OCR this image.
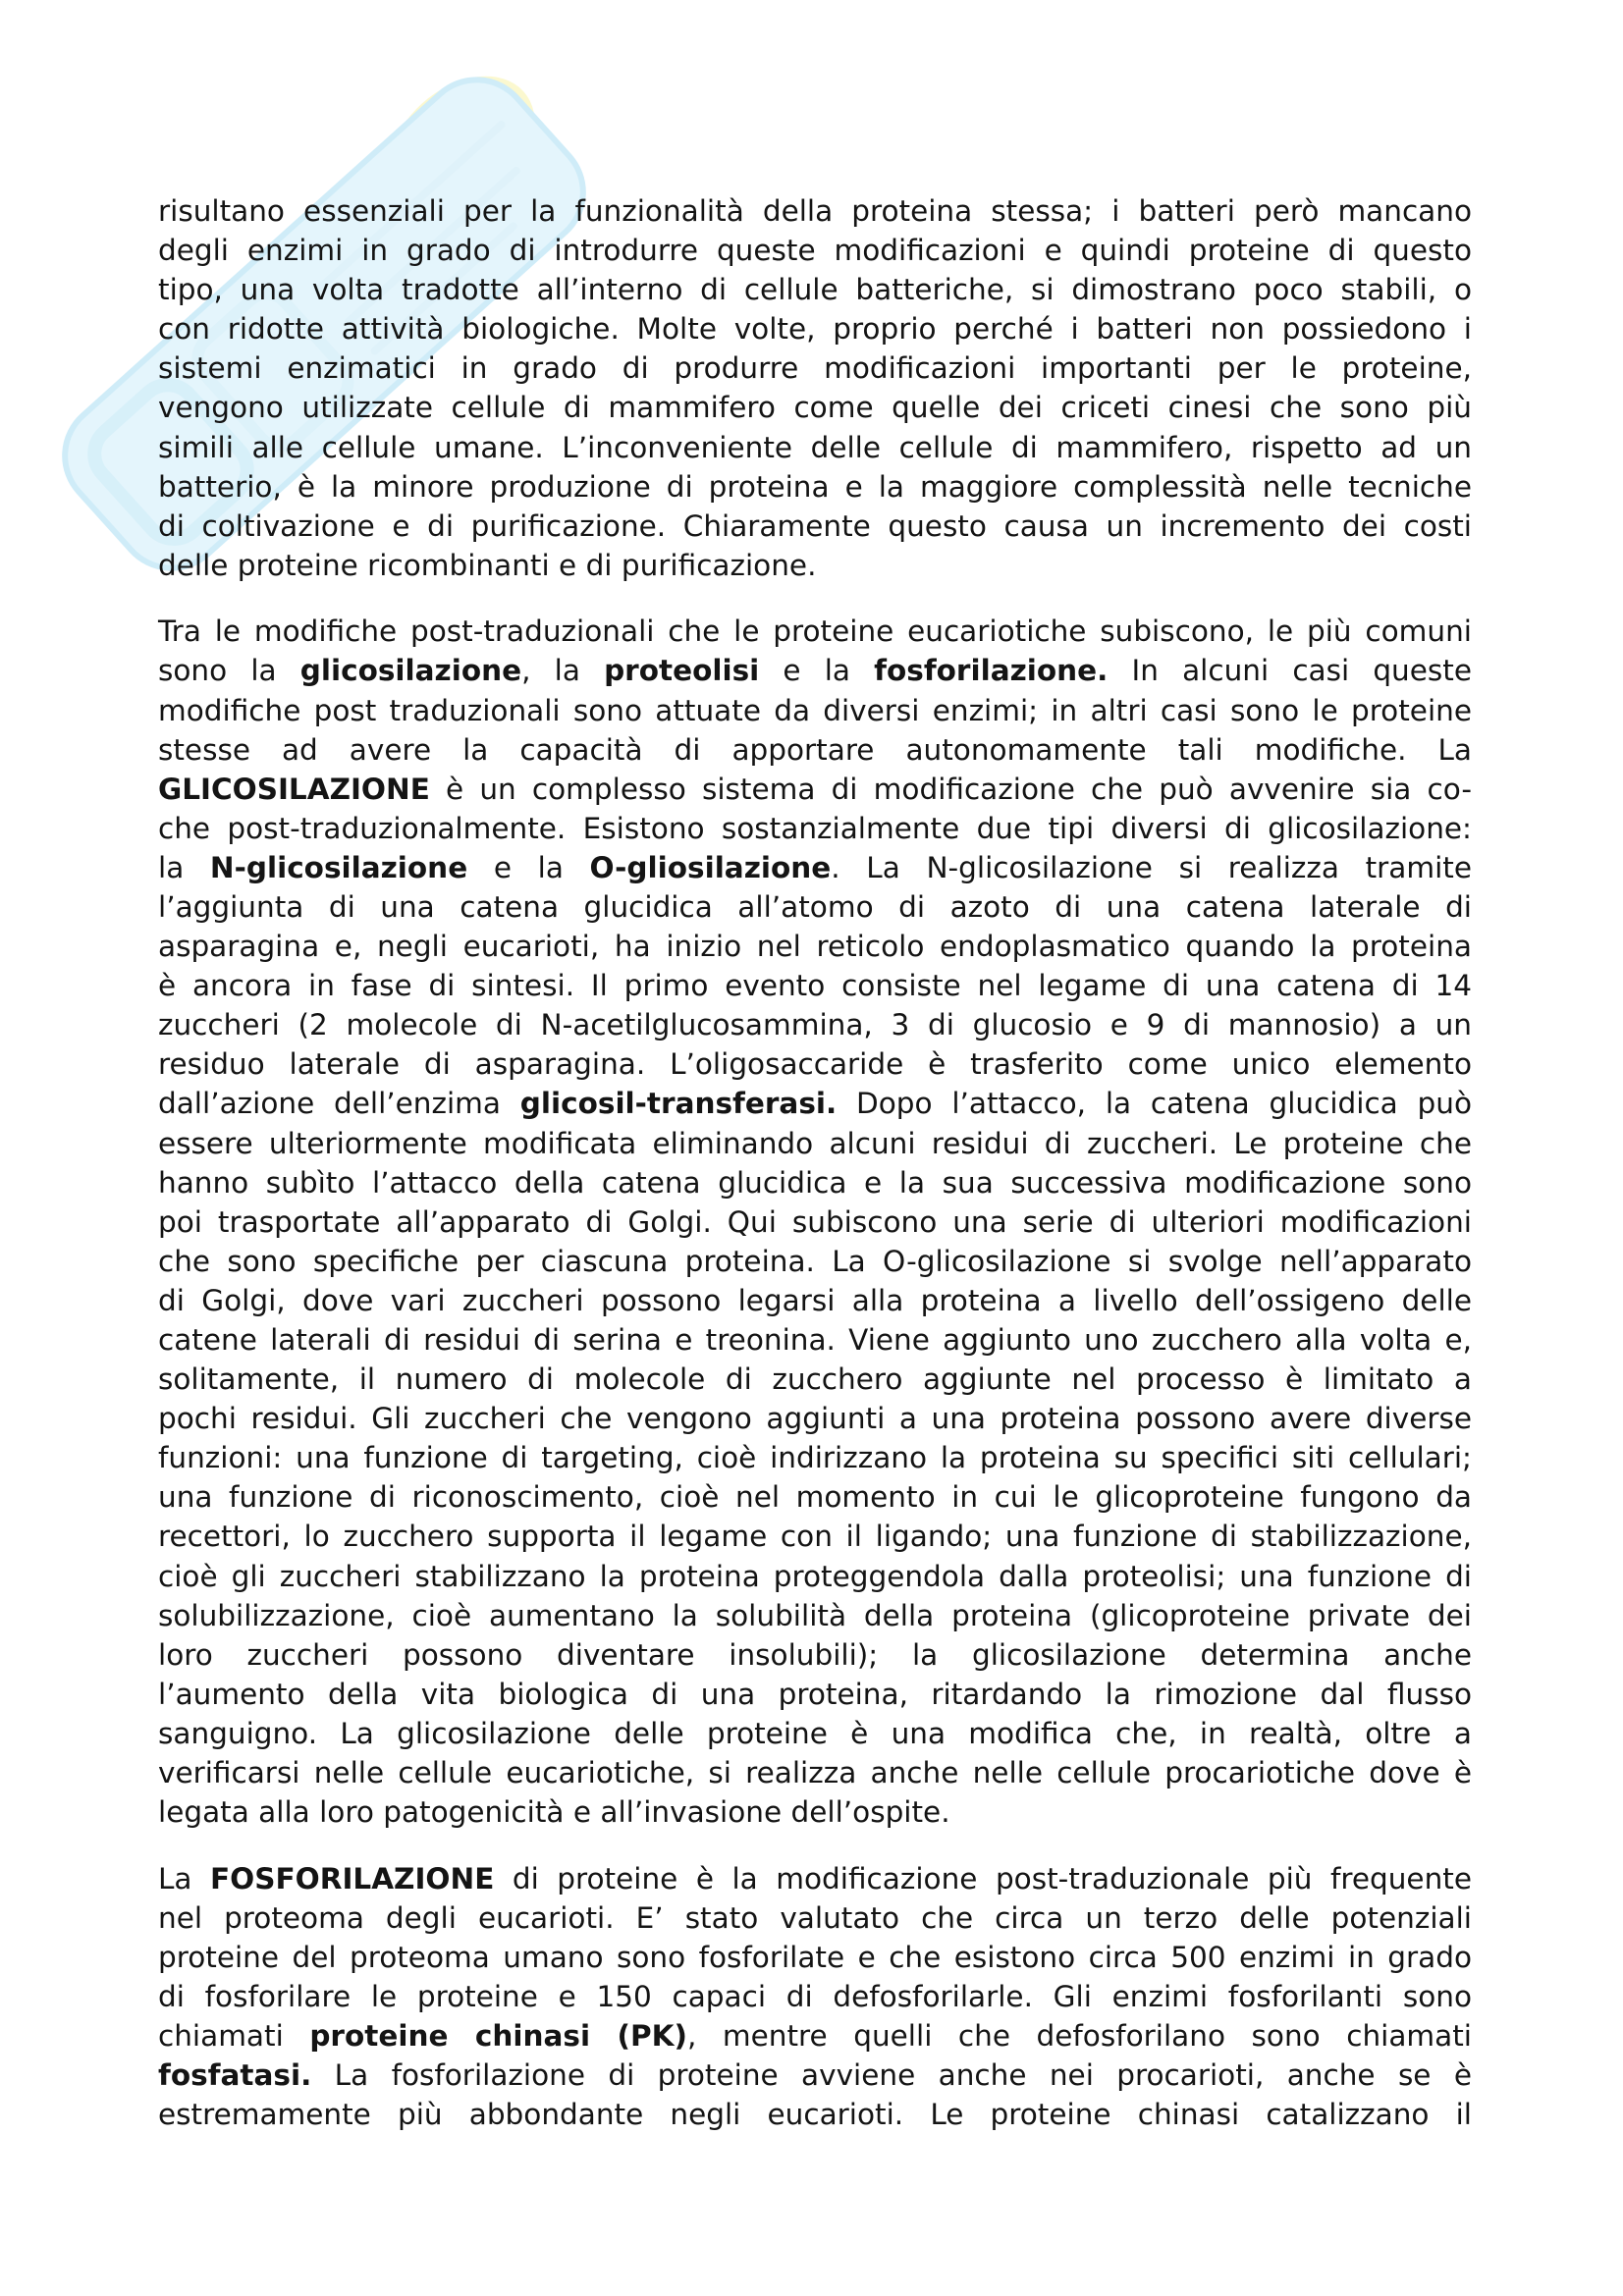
risultano essenziali per la funzionalità della proteina stessa; i batteri però mancano
degli enzimi in grado di introdurre queste modificazioni e quindi proteine di questo
tipo, una volta tradotte all’interno di cellule batteriche, si dimostrano poco stabili, o
con ridotte attività biologiche. Molte volte, proprio perché i batteri non possiedono i
sistemi enzimatici in grado di produrre modificazioni importanti per le proteine,
vengono utilizzate cellule di mammifero come quelle dei criceti cinesi che sono più
simili alle cellule umane. L’inconveniente delle cellule di mammifero, rispetto ad un
batterio, è la minore produzione di proteina e la maggiore complessità nelle tecniche
di coltivazione e di purificazione. Chiaramente questo causa un incremento dei costi
delle proteine ricombinanti e di purificazione.
Tra le modifiche post-traduzionali che le proteine eucariotiche subiscono, le più comuni
sono la glicosilazione, la proteolisi e la fosforilazione. In alcuni casi queste
modifiche post traduzionali sono attuate da diversi enzimi; in altri casi sono le proteine
stesse ad avere la capacità di apportare autonomamente tali modifiche. La
GLICOSILAZIONE è un complesso sistema di modificazione che può avvenire sia co-
che post-traduzionalmente. Esistono sostanzialmente due tipi diversi di glicosilazione:
la N-glicosilazione e la O-gliosilazione. La N-glicosilazione si realizza tramite
l’aggiunta di una catena glucidica all’atomo di azoto di una catena laterale di
asparagina e, negli eucarioti, ha inizio nel reticolo endoplasmatico quando la proteina
è ancora in fase di sintesi. Il primo evento consiste nel legame di una catena di 14
zuccheri (2 molecole di N-acetilglucosammina, 3 di glucosio e 9 di mannosio) a un
residuo laterale di asparagina. L’oligosaccaride è trasferito come unico elemento
dall’azione dell’enzima glicosil-transferasi. Dopo l’attacco, la catena glucidica può
essere ulteriormente modificata eliminando alcuni residui di zuccheri. Le proteine che
hanno subìto l’attacco della catena glucidica e la sua successiva modificazione sono
poi trasportate all’apparato di Golgi. Qui subiscono una serie di ulteriori modificazioni
che sono specifiche per ciascuna proteina. La O-glicosilazione si svolge nell’apparato
di Golgi, dove vari zuccheri possono legarsi alla proteina a livello dell’ossigeno delle
catene laterali di residui di serina e treonina. Viene aggiunto uno zucchero alla volta e,
solitamente, il numero di molecole di zucchero aggiunte nel processo è limitato a
pochi residui. Gli zuccheri che vengono aggiunti a una proteina possono avere diverse
funzioni: una funzione di targeting, cioè indirizzano la proteina su specifici siti cellulari;
una funzione di riconoscimento, cioè nel momento in cui le glicoproteine fungono da
recettori, lo zucchero supporta il legame con il ligando; una funzione di stabilizzazione,
cioè gli zuccheri stabilizzano la proteina proteggendola dalla proteolisi; una funzione di
solubilizzazione, cioè aumentano la solubilità della proteina (glicoproteine private dei
loro zuccheri possono diventare insolubili); la glicosilazione determina anche
l’aumento della vita biologica di una proteina, ritardando la rimozione dal flusso
sanguigno. La glicosilazione delle proteine è una modifica che, in realtà, oltre a
verificarsi nelle cellule eucariotiche, si realizza anche nelle cellule procariotiche dove è
legata alla loro patogenicità e all’invasione dell’ospite.
La FOSFORILAZIONE di proteine è la modificazione post-traduzionale più frequente
nel proteoma degli eucarioti. E’ stato valutato che circa un terzo delle potenziali
proteine del proteoma umano sono fosforilate e che esistono circa 500 enzimi in grado
di fosforilare le proteine e 150 capaci di defosforilarle. Gli enzimi fosforilanti sono
chiamati proteine chinasi (PK), mentre quelli che defosforilano sono chiamati
fosfatasi. La fosforilazione di proteine avviene anche nei procarioti, anche se è
estremamente più abbondante negli eucarioti. Le proteine chinasi catalizzano il
